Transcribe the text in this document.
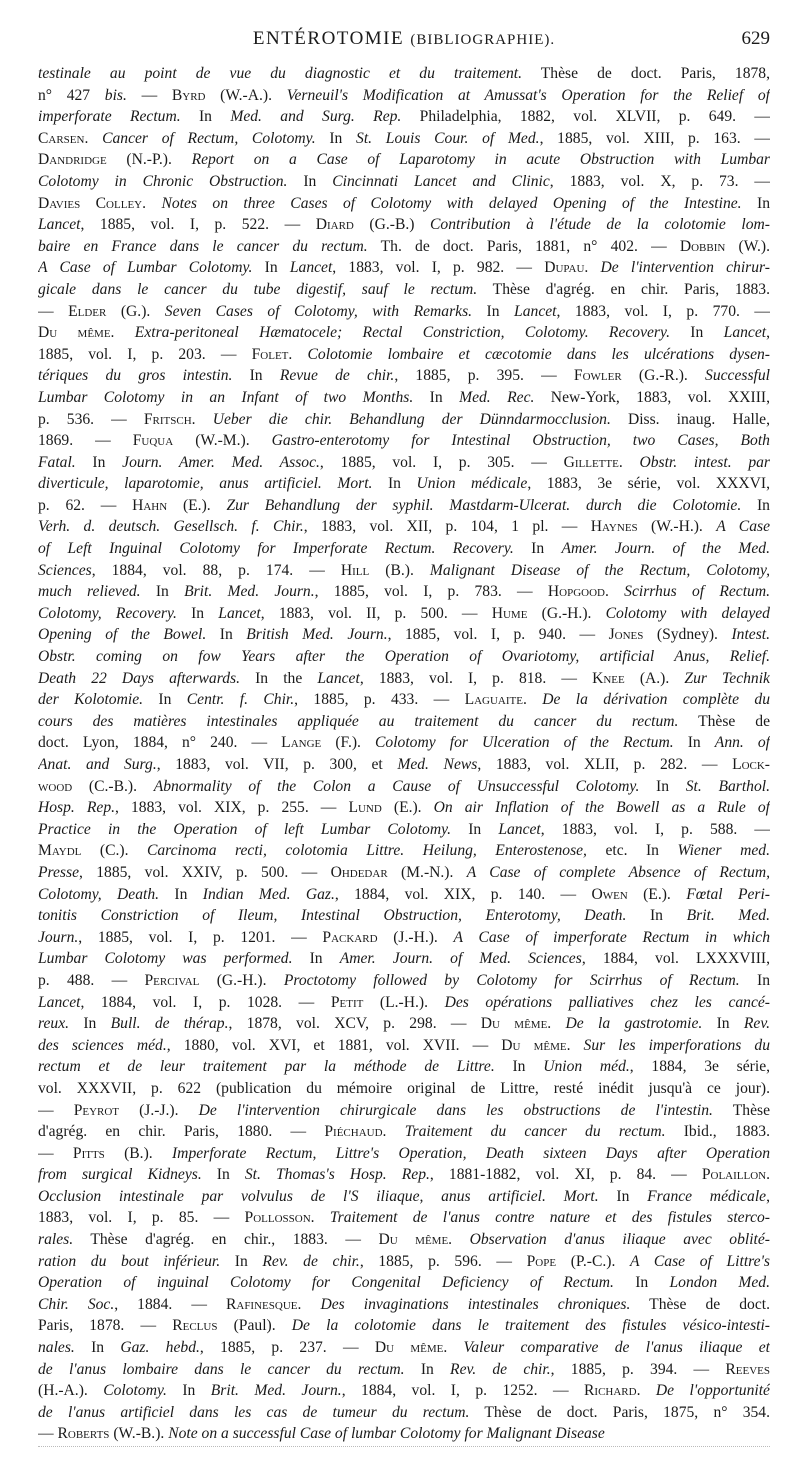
ENTÉROTOMIE (BIBLIOGRAPHIE).	629
testinale au point de vue du diagnostic et du traitement. Thèse de doct. Paris, 1878,
n° 427 bis. — Byrd (W.-A.). Verneuil's Modification at Amussat's Operation for the Relief of
imperforate Rectum. In Med. and Surg. Rep. Philadelphia, 1882, vol. XLVII, p. 649. —
Carsen. Cancer of Rectum, Colotomy. In St. Louis Cour. of Med., 1885, vol. XIII, p. 163. —
Dandridge (N.-P.). Report on a Case of Laparotomy in acute Obstruction with Lumbar
Colotomy in Chronic Obstruction. In Cincinnati Lancet and Clinic, 1883, vol. X, p. 73. —
Davies Colley. Notes on three Cases of Colotomy with delayed Opening of the Intestine. In
Lancet, 1885, vol. I, p. 522. — Diard (G.-B.) Contribution à l'étude de la colotomie lom-
baire en France dans le cancer du rectum. Th. de doct. Paris, 1881, n° 402. — Dobbin (W.).
A Case of Lumbar Colotomy. In Lancet, 1883, vol. I, p. 982. — Dupau. De l'intervention chirur-
gicale dans le cancer du tube digestif, sauf le rectum. Thèse d'agrég. en chir. Paris, 1883.
— Elder (G.). Seven Cases of Colotomy, with Remarks. In Lancet, 1883, vol. I, p. 770. —
Du même. Extra-peritoneal Hæmatocele; Rectal Constriction, Colotomy. Recovery. In Lancet,
1885, vol. I, p. 203. — Folet. Colotomie lombaire et cæcotomie dans les ulcérations dysen-
tériques du gros intestin. In Revue de chir., 1885, p. 395. — Fowler (G.-R.). Successful
Lumbar Colotomy in an Infant of two Months. In Med. Rec. New-York, 1883, vol. XXIII,
p. 536. — Fritsch. Ueber die chir. Behandlung der Dünndarmocclusion. Diss. inaug. Halle,
1869. — Fuqua (W.-M.). Gastro-enterotomy for Intestinal Obstruction, two Cases, Both
Fatal. In Journ. Amer. Med. Assoc., 1885, vol. I, p. 305. — Gillette. Obstr. intest. par
diverticule, laparotomie, anus artificiel. Mort. In Union médicale, 1883, 3e série, vol. XXXVI,
p. 62. — Hahn (E.). Zur Behandlung der syphil. Mastdarm-Ulcerat. durch die Colotomie. In
Verh. d. deutsch. Gesellsch. f. Chir., 1883, vol. XII, p. 104, 1 pl. — Haynes (W.-H.). A Case
of Left Inguinal Colotomy for Imperforate Rectum. Recovery. In Amer. Journ. of the Med.
Sciences, 1884, vol. 88, p. 174. — Hill (B.). Malignant Disease of the Rectum, Colotomy,
much relieved. In Brit. Med. Journ., 1885, vol. I, p. 783. — Hopgood. Scirrhus of Rectum.
Colotomy, Recovery. In Lancet, 1883, vol. II, p. 500. — Hume (G.-H.). Colotomy with delayed
Opening of the Bowel. In British Med. Journ., 1885, vol. I, p. 940. — Jones (Sydney). Intest.
Obstr. coming on fow Years after the Operation of Ovariotomy, artificial Anus, Relief.
Death 22 Days afterwards. In the Lancet, 1883, vol. I, p. 818. — Knee (A.). Zur Technik
der Kolotomie. In Centr. f. Chir., 1885, p. 433. — Laguaite. De la dérivation complète du
cours des matières intestinales appliquée au traitement du cancer du rectum. Thèse de
doct. Lyon, 1884, n° 240. — Lange (F.). Colotomy for Ulceration of the Rectum. In Ann. of
Anat. and Surg., 1883, vol. VII, p. 300, et Med. News, 1883, vol. XLII, p. 282. — Lock-
wood (C.-B.). Abnormality of the Colon a Cause of Unsuccessful Colotomy. In St. Barthol.
Hosp. Rep., 1883, vol. XIX, p. 255. — Lund (E.). On air Inflation of the Bowell as a Rule of
Practice in the Operation of left Lumbar Colotomy. In Lancet, 1883, vol. I, p. 588. —
Maydl (C.). Carcinoma recti, colotomia Littre. Heilung, Enterostenose, etc. In Wiener med.
Presse, 1885, vol. XXIV, p. 500. — Ohdedar (M.-N.). A Case of complete Absence of Rectum,
Colotomy, Death. In Indian Med. Gaz., 1884, vol. XIX, p. 140. — Owen (E.). Fœtal Peri-
tonitis Constriction of Ileum, Intestinal Obstruction, Enterotomy, Death. In Brit. Med.
Journ., 1885, vol. I, p. 1201. — Packard (J.-H.). A Case of imperforate Rectum in which
Lumbar Colotomy was performed. In Amer. Journ. of Med. Sciences, 1884, vol. LXXXVIII,
p. 488. — Percival (G.-H.). Proctotomy followed by Colotomy for Scirrhus of Rectum. In
Lancet, 1884, vol. I, p. 1028. — Petit (L.-H.). Des opérations palliatives chez les cancé-
reux. In Bull. de thérap., 1878, vol. XCV, p. 298. — Du même. De la gastrotomie. In Rev.
des sciences méd., 1880, vol. XVI, et 1881, vol. XVII. — Du même. Sur les imperforations du
rectum et de leur traitement par la méthode de Littre. In Union méd., 1884, 3e série,
vol. XXXVII, p. 622 (publication du mémoire original de Littre, resté inédit jusqu'à ce jour).
— Peyrot (J.-J.). De l'intervention chirurgicale dans les obstructions de l'intestin. Thèse
d'agrég. en chir. Paris, 1880. — Piéchaud. Traitement du cancer du rectum. Ibid., 1883.
— Pitts (B.). Imperforate Rectum, Littre's Operation, Death sixteen Days after Operation
from surgical Kidneys. In St. Thomas's Hosp. Rep., 1881-1882, vol. XI, p. 84. — Polaillon.
Occlusion intestinale par volvulus de l'S iliaque, anus artificiel. Mort. In France médicale,
1883, vol. I, p. 85. — Pollosson. Traitement de l'anus contre nature et des fistules sterco-
rales. Thèse d'agrég. en chir., 1883. — Du même. Observation d'anus iliaque avec oblité-
ration du bout inférieur. In Rev. de chir., 1885, p. 596. — Pope (P.-C.). A Case of Littre's
Operation of inguinal Colotomy for Congenital Deficiency of Rectum. In London Med.
Chir. Soc., 1884. — Rafinesque. Des invaginations intestinales chroniques. Thèse de doct.
Paris, 1878. — Reclus (Paul). De la colotomie dans le traitement des fistules vésico-intesti-
nales. In Gaz. hebd., 1885, p. 237. — Du même. Valeur comparative de l'anus iliaque et
de l'anus lombaire dans le cancer du rectum. In Rev. de chir., 1885, p. 394. — Reeves
(H.-A.). Colotomy. In Brit. Med. Journ., 1884, vol. I, p. 1252. — Richard. De l'opportunité
de l'anus artificiel dans les cas de tumeur du rectum. Thèse de doct. Paris, 1875, n° 354.
— Roberts (W.-B.). Note on a successful Case of lumbar Colotomy for Malignant Disease
